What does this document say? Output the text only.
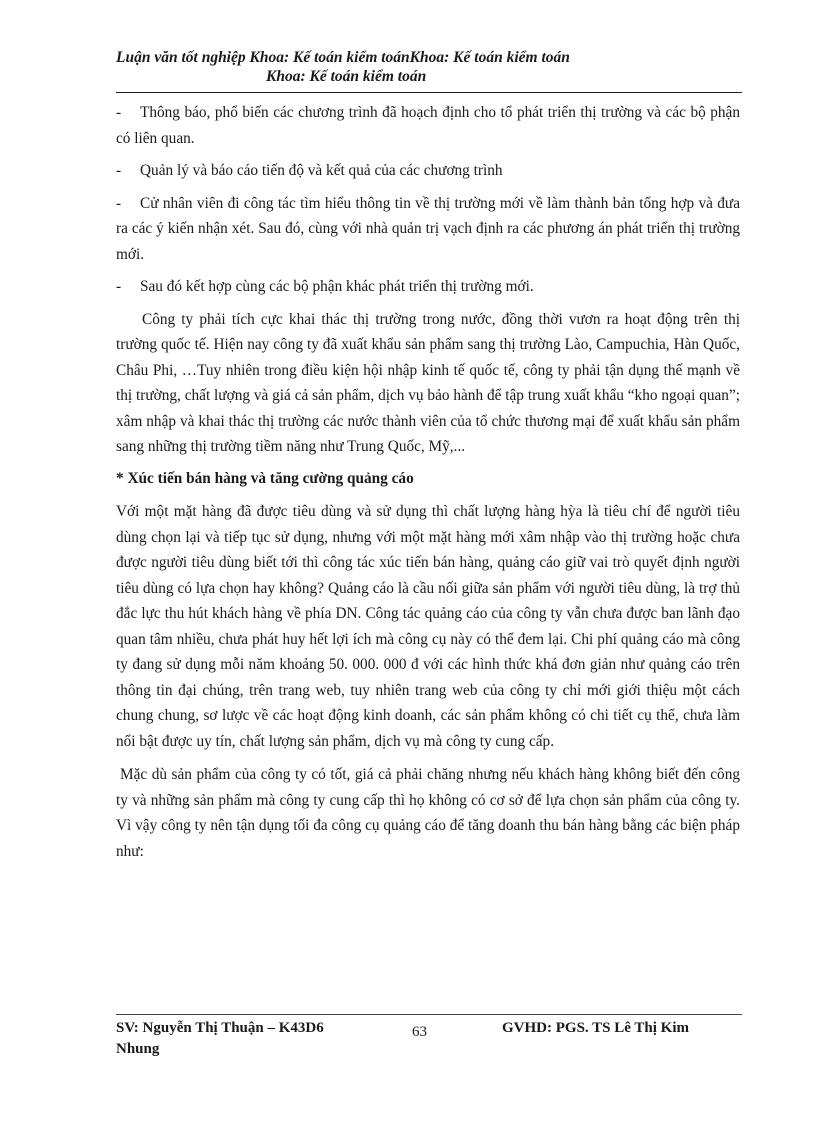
Luận văn tốt nghiệp Khoa: Kế toán kiểm toánKhoa: Kế toán kiểm toán
Khoa: Kế toán kiểm toán

- Thông báo, phổ biến các chương trình đã hoạch định cho tổ phát triển thị trường và các bộ phận có liên quan.

- Quản lý và báo cáo tiến độ và kết quả của các chương trình

- Cử nhân viên đi công tác tìm hiểu thông tin về thị trường mới về làm thành bản tổng hợp và đưa ra các ý kiến nhận xét. Sau đó, cùng với nhà quản trị vạch định ra các phương án phát triển thị trường mới.

- Sau đó kết hợp cùng các bộ phận khác phát triển thị trường mới.

Công ty phải tích cực khai thác thị trường trong nước, đồng thời vươn ra hoạt động trên thị trường quốc tế. Hiện nay công ty đã xuất khẩu sản phẩm sang thị trường Lào, Campuchia, Hàn Quốc, Châu Phi, …Tuy nhiên trong điều kiện hội nhập kinh tế quốc tế, công ty phải tận dụng thế mạnh về thị trường, chất lượng và giá cả sản phẩm, dịch vụ bảo hành để tập trung xuất khẩu “kho ngoại quan”; xâm nhập và khai thác thị trường các nước thành viên của tổ chức thương mại để xuất khẩu sản phẩm sang những thị trường tiềm năng như Trung Quốc, Mỹ,...

* Xúc tiến bán hàng và tăng cường quảng cáo

Với một mặt hàng đã được tiêu dùng và sử dụng thì chất lượng hàng hỳa là tiêu chí để người tiêu dùng chọn lại và tiếp tục sử dụng, nhưng với một mặt hàng mới xâm nhập vào thị trường hoặc chưa được người tiêu dùng biết tới thì công tác xúc tiến bán hàng, quảng cáo giữ vai trò quyết định người tiêu dùng có lựa chọn hay không? Quảng cáo là cầu nối giữa sản phẩm với người tiêu dùng, là trợ thủ đắc lực thu hút khách hàng về phía DN. Công tác quảng cáo của công ty vẫn chưa được ban lãnh đạo quan tâm nhiều, chưa phát huy hết lợi ích mà công cụ này có thể đem lại. Chi phí quảng cáo mà công ty đang sử dụng mỗi năm khoảng 50. 000. 000 đ với các hình thức khá đơn giản như quảng cáo trên thông tin đại chúng, trên trang web, tuy nhiên trang web của công ty chỉ mới giới thiệu một cách chung chung, sơ lược về các hoạt động kinh doanh, các sản phẩm không có chi tiết cụ thể, chưa làm nổi bật được uy tín, chất lượng sản phẩm, dịch vụ mà công ty cung cấp.

Mặc dù sản phẩm của công ty có tốt, giá cả phải chăng nhưng nếu khách hàng không biết đến công ty và những sản phẩm mà công ty cung cấp thì họ không có cơ sở để lựa chọn sản phẩm của công ty. Vì vậy công ty nên tận dụng tối đa công cụ quảng cáo để tăng doanh thu bán hàng bằng các biện pháp như:

SV: Nguyễn Thị Thuận – K43D6
Nhung
63	GVHD: PGS. TS Lê Thị Kim
